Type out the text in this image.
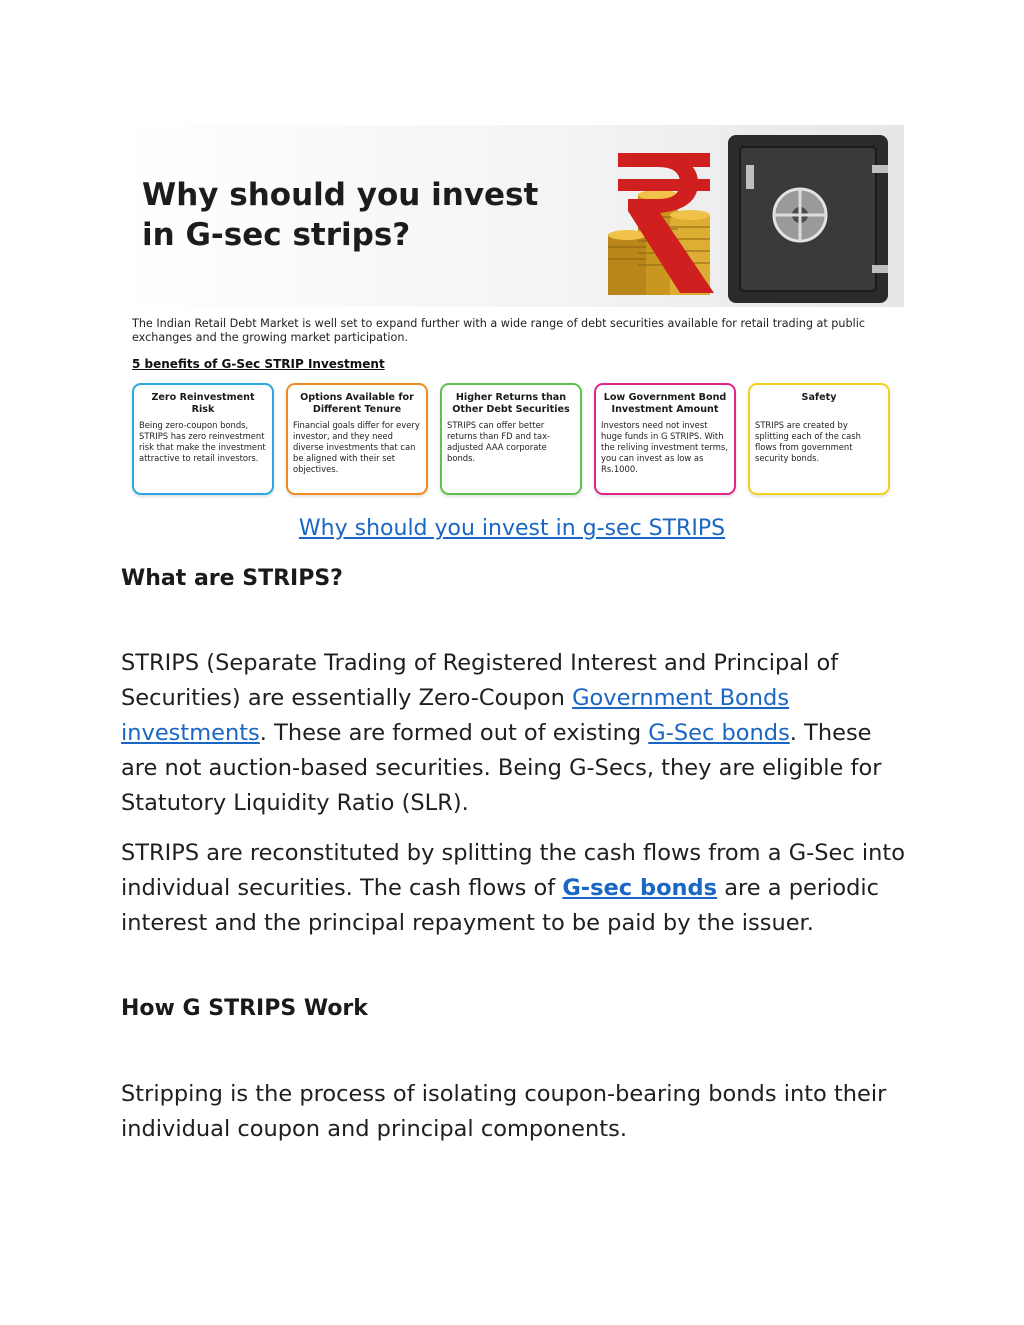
Why should you invest
in G-sec strips?
The Indian Retail Debt Market is well set to expand further with a wide range of debt securities available for retail trading at public exchanges and the growing market participation.
5 benefits of G-Sec STRIP Investment
Zero Reinvestment Risk
Being zero-coupon bonds, STRIPS has zero reinvestment risk that make the investment attractive to retail investors.
Options Available for Different Tenure
Financial goals differ for every investor, and they need diverse investments that can be aligned with their set objectives.
Higher Returns than Other Debt Securities
STRIPS can offer better returns than FD and tax-adjusted AAA corporate bonds.
Low Government Bond Investment Amount
Investors need not invest huge funds in G STRIPS. With the reliving investment terms, you can invest as low as Rs.1000.
Safety
STRIPS are created by splitting each of the cash flows from government security bonds.
Why should you invest in g-sec STRIPS
What are STRIPS?
STRIPS (Separate Trading of Registered Interest and Principal of Securities) are essentially Zero-Coupon Government Bonds investments. These are formed out of existing G-Sec bonds. These are not auction-based securities. Being G-Secs, they are eligible for Statutory Liquidity Ratio (SLR).
STRIPS are reconstituted by splitting the cash flows from a G-Sec into individual securities. The cash flows of G-sec bonds are a periodic interest and the principal repayment to be paid by the issuer.
How G STRIPS Work
Stripping is the process of isolating coupon-bearing bonds into their individual coupon and principal components.
